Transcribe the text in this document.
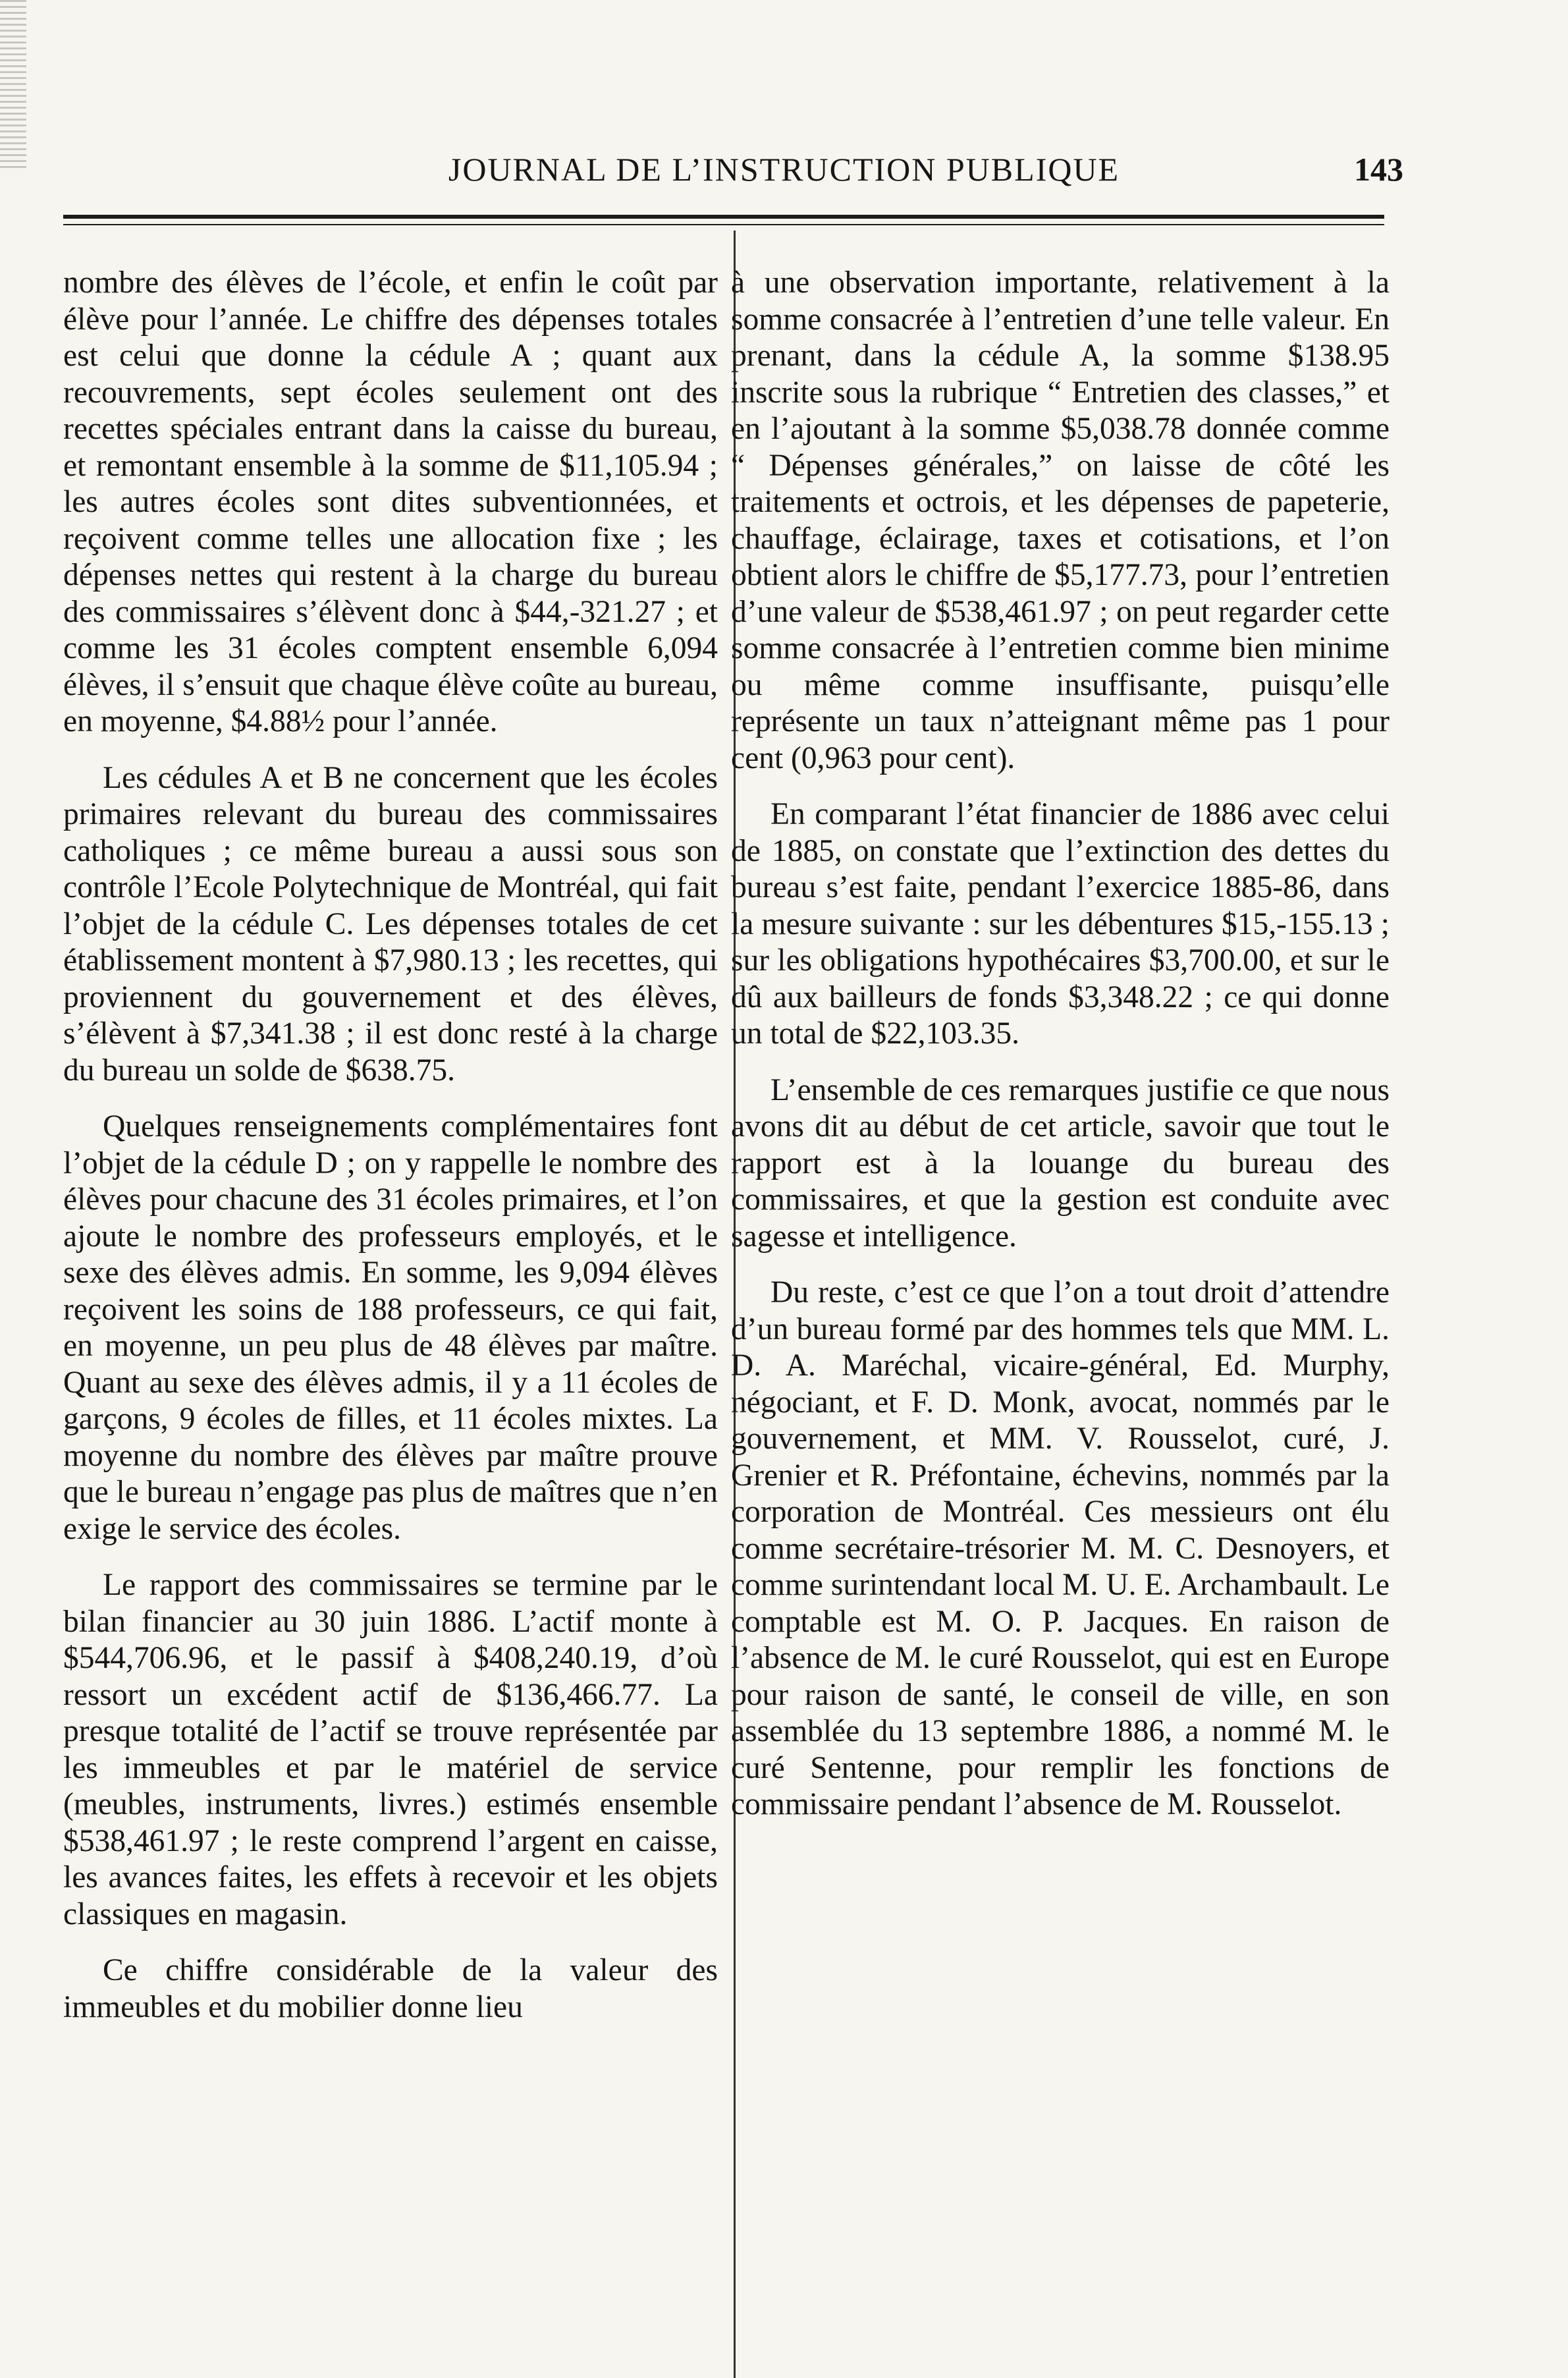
JOURNAL DE L’INSTRUCTION PUBLIQUE	143

nombre des élèves de l’école, et enfin le coût par élève pour l’année. Le chiffre des dépenses totales est celui que donne la cédule A ; quant aux recouvrements, sept écoles seulement ont des recettes spéciales entrant dans la caisse du bureau, et remontant ensemble à la somme de $11,105.94 ; les autres écoles sont dites subventionnées, et reçoivent comme telles une allocation fixe ; les dépenses nettes qui restent à la charge du bureau des commissaires s’élèvent donc à $44,-321.27 ; et comme les 31 écoles comptent ensemble 6,094 élèves, il s’ensuit que chaque élève coûte au bureau, en moyenne, $4.88½ pour l’année.

Les cédules A et B ne concernent que les écoles primaires relevant du bureau des commissaires catholiques ; ce même bureau a aussi sous son contrôle l’Ecole Polytechnique de Montréal, qui fait l’objet de la cédule C. Les dépenses totales de cet établissement montent à $7,980.13 ; les recettes, qui proviennent du gouvernement et des élèves, s’élèvent à $7,341.38 ; il est donc resté à la charge du bureau un solde de $638.75.

Quelques renseignements complémentaires font l’objet de la cédule D ; on y rappelle le nombre des élèves pour chacune des 31 écoles primaires, et l’on ajoute le nombre des professeurs employés, et le sexe des élèves admis. En somme, les 9,094 élèves reçoivent les soins de 188 professeurs, ce qui fait, en moyenne, un peu plus de 48 élèves par maître. Quant au sexe des élèves admis, il y a 11 écoles de garçons, 9 écoles de filles, et 11 écoles mixtes. La moyenne du nombre des élèves par maître prouve que le bureau n’engage pas plus de maîtres que n’en exige le service des écoles.

Le rapport des commissaires se termine par le bilan financier au 30 juin 1886. L’actif monte à $544,706.96, et le passif à $408,240.19, d’où ressort un excédent actif de $136,466.77. La presque totalité de l’actif se trouve représentée par les immeubles et par le matériel de service (meubles, instruments, livres.) estimés ensemble $538,461.97 ; le reste comprend l’argent en caisse, les avances faites, les effets à recevoir et les objets classiques en magasin.

Ce chiffre considérable de la valeur des immeubles et du mobilier donne lieu

à une observation importante, relativement à la somme consacrée à l’entretien d’une telle valeur. En prenant, dans la cédule A, la somme $138.95 inscrite sous la rubrique “ Entretien des classes,” et en l’ajoutant à la somme $5,038.78 donnée comme “ Dépenses générales,” on laisse de côté les traitements et octrois, et les dépenses de papeterie, chauffage, éclairage, taxes et cotisations, et l’on obtient alors le chiffre de $5,177.73, pour l’entretien d’une valeur de $538,461.97 ; on peut regarder cette somme consacrée à l’entretien comme bien minime ou même comme insuffisante, puisqu’elle représente un taux n’atteignant même pas 1 pour cent (0,963 pour cent).

En comparant l’état financier de 1886 avec celui de 1885, on constate que l’extinction des dettes du bureau s’est faite, pendant l’exercice 1885-86, dans la mesure suivante : sur les débentures $15,-155.13 ; sur les obligations hypothécaires $3,700.00, et sur le dû aux bailleurs de fonds $3,348.22 ; ce qui donne un total de $22,103.35.

L’ensemble de ces remarques justifie ce que nous avons dit au début de cet article, savoir que tout le rapport est à la louange du bureau des commissaires, et que la gestion est conduite avec sagesse et intelligence.

Du reste, c’est ce que l’on a tout droit d’attendre d’un bureau formé par des hommes tels que MM. L. D. A. Maréchal, vicaire-général, Ed. Murphy, négociant, et F. D. Monk, avocat, nommés par le gouvernement, et MM. V. Rousselot, curé, J. Grenier et R. Préfontaine, échevins, nommés par la corporation de Montréal. Ces messieurs ont élu comme secrétaire-trésorier M. M. C. Desnoyers, et comme surintendant local M. U. E. Archambault. Le comptable est M. O. P. Jacques. En raison de l’absence de M. le curé Rousselot, qui est en Europe pour raison de santé, le conseil de ville, en son assemblée du 13 septembre 1886, a nommé M. le curé Sentenne, pour remplir les fonctions de commissaire pendant l’absence de M. Rousselot.
